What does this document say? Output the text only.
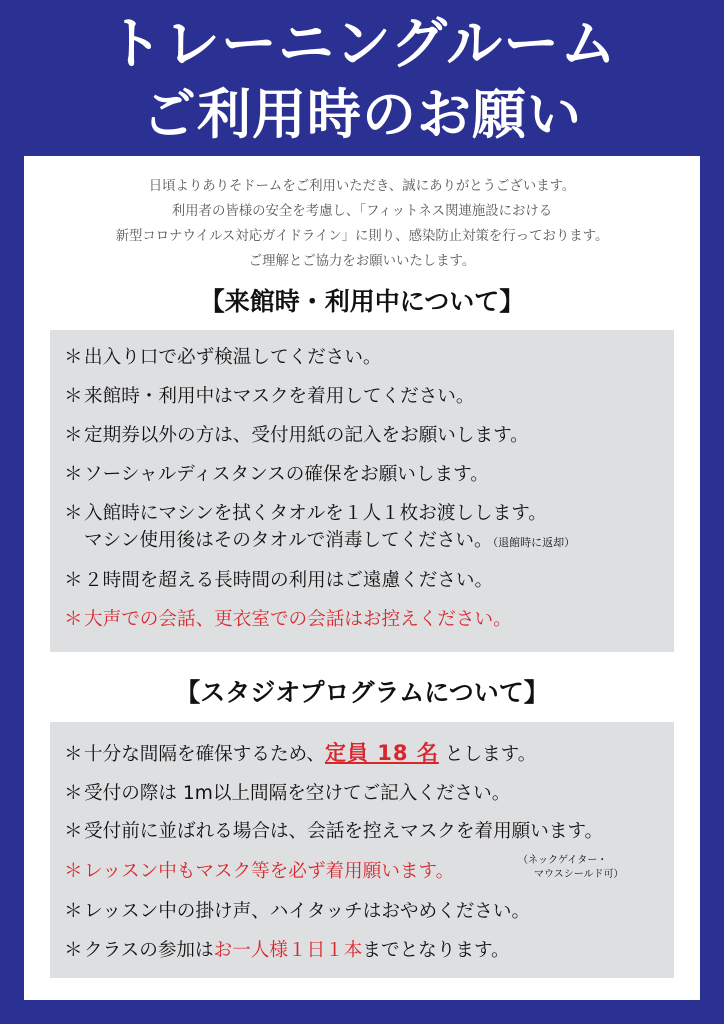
トレーニングルーム
ご利用時のお願い
日頃よりありそドームをご利用いただき、誠にありがとうございます。
利用者の皆様の安全を考慮し、「フィットネス関連施設における
新型コロナウイルス対応ガイドライン」に則り、感染防止対策を行っております。
ご理解とご協力をお願いいたします。
【来館時・利用中について】
＊出入り口で必ず検温してください。
＊来館時・利用中はマスクを着用してください。
＊定期券以外の方は、受付用紙の記入をお願いします。
＊ソーシャルディスタンスの確保をお願いします。
＊入館時にマシンを拭くタオルを１人１枚お渡しします。
マシン使用後はそのタオルで消毒してください。（退館時に返却）
＊２時間を超える長時間の利用はご遠慮ください。
＊大声での会話、更衣室での会話はお控えください。
【スタジオプログラムについて】
＊十分な間隔を確保するため、定員 18 名 とします。
＊受付の際は 1m以上間隔を空けてご記入ください。
＊受付前に並ばれる場合は、会話を控えマスクを着用願います。
＊レッスン中もマスク等を必ず着用願います。
（ネックゲイター・
マウスシールド可）
＊レッスン中の掛け声、ハイタッチはおやめください。
＊クラスの参加はお一人様１日１本までとなります。
